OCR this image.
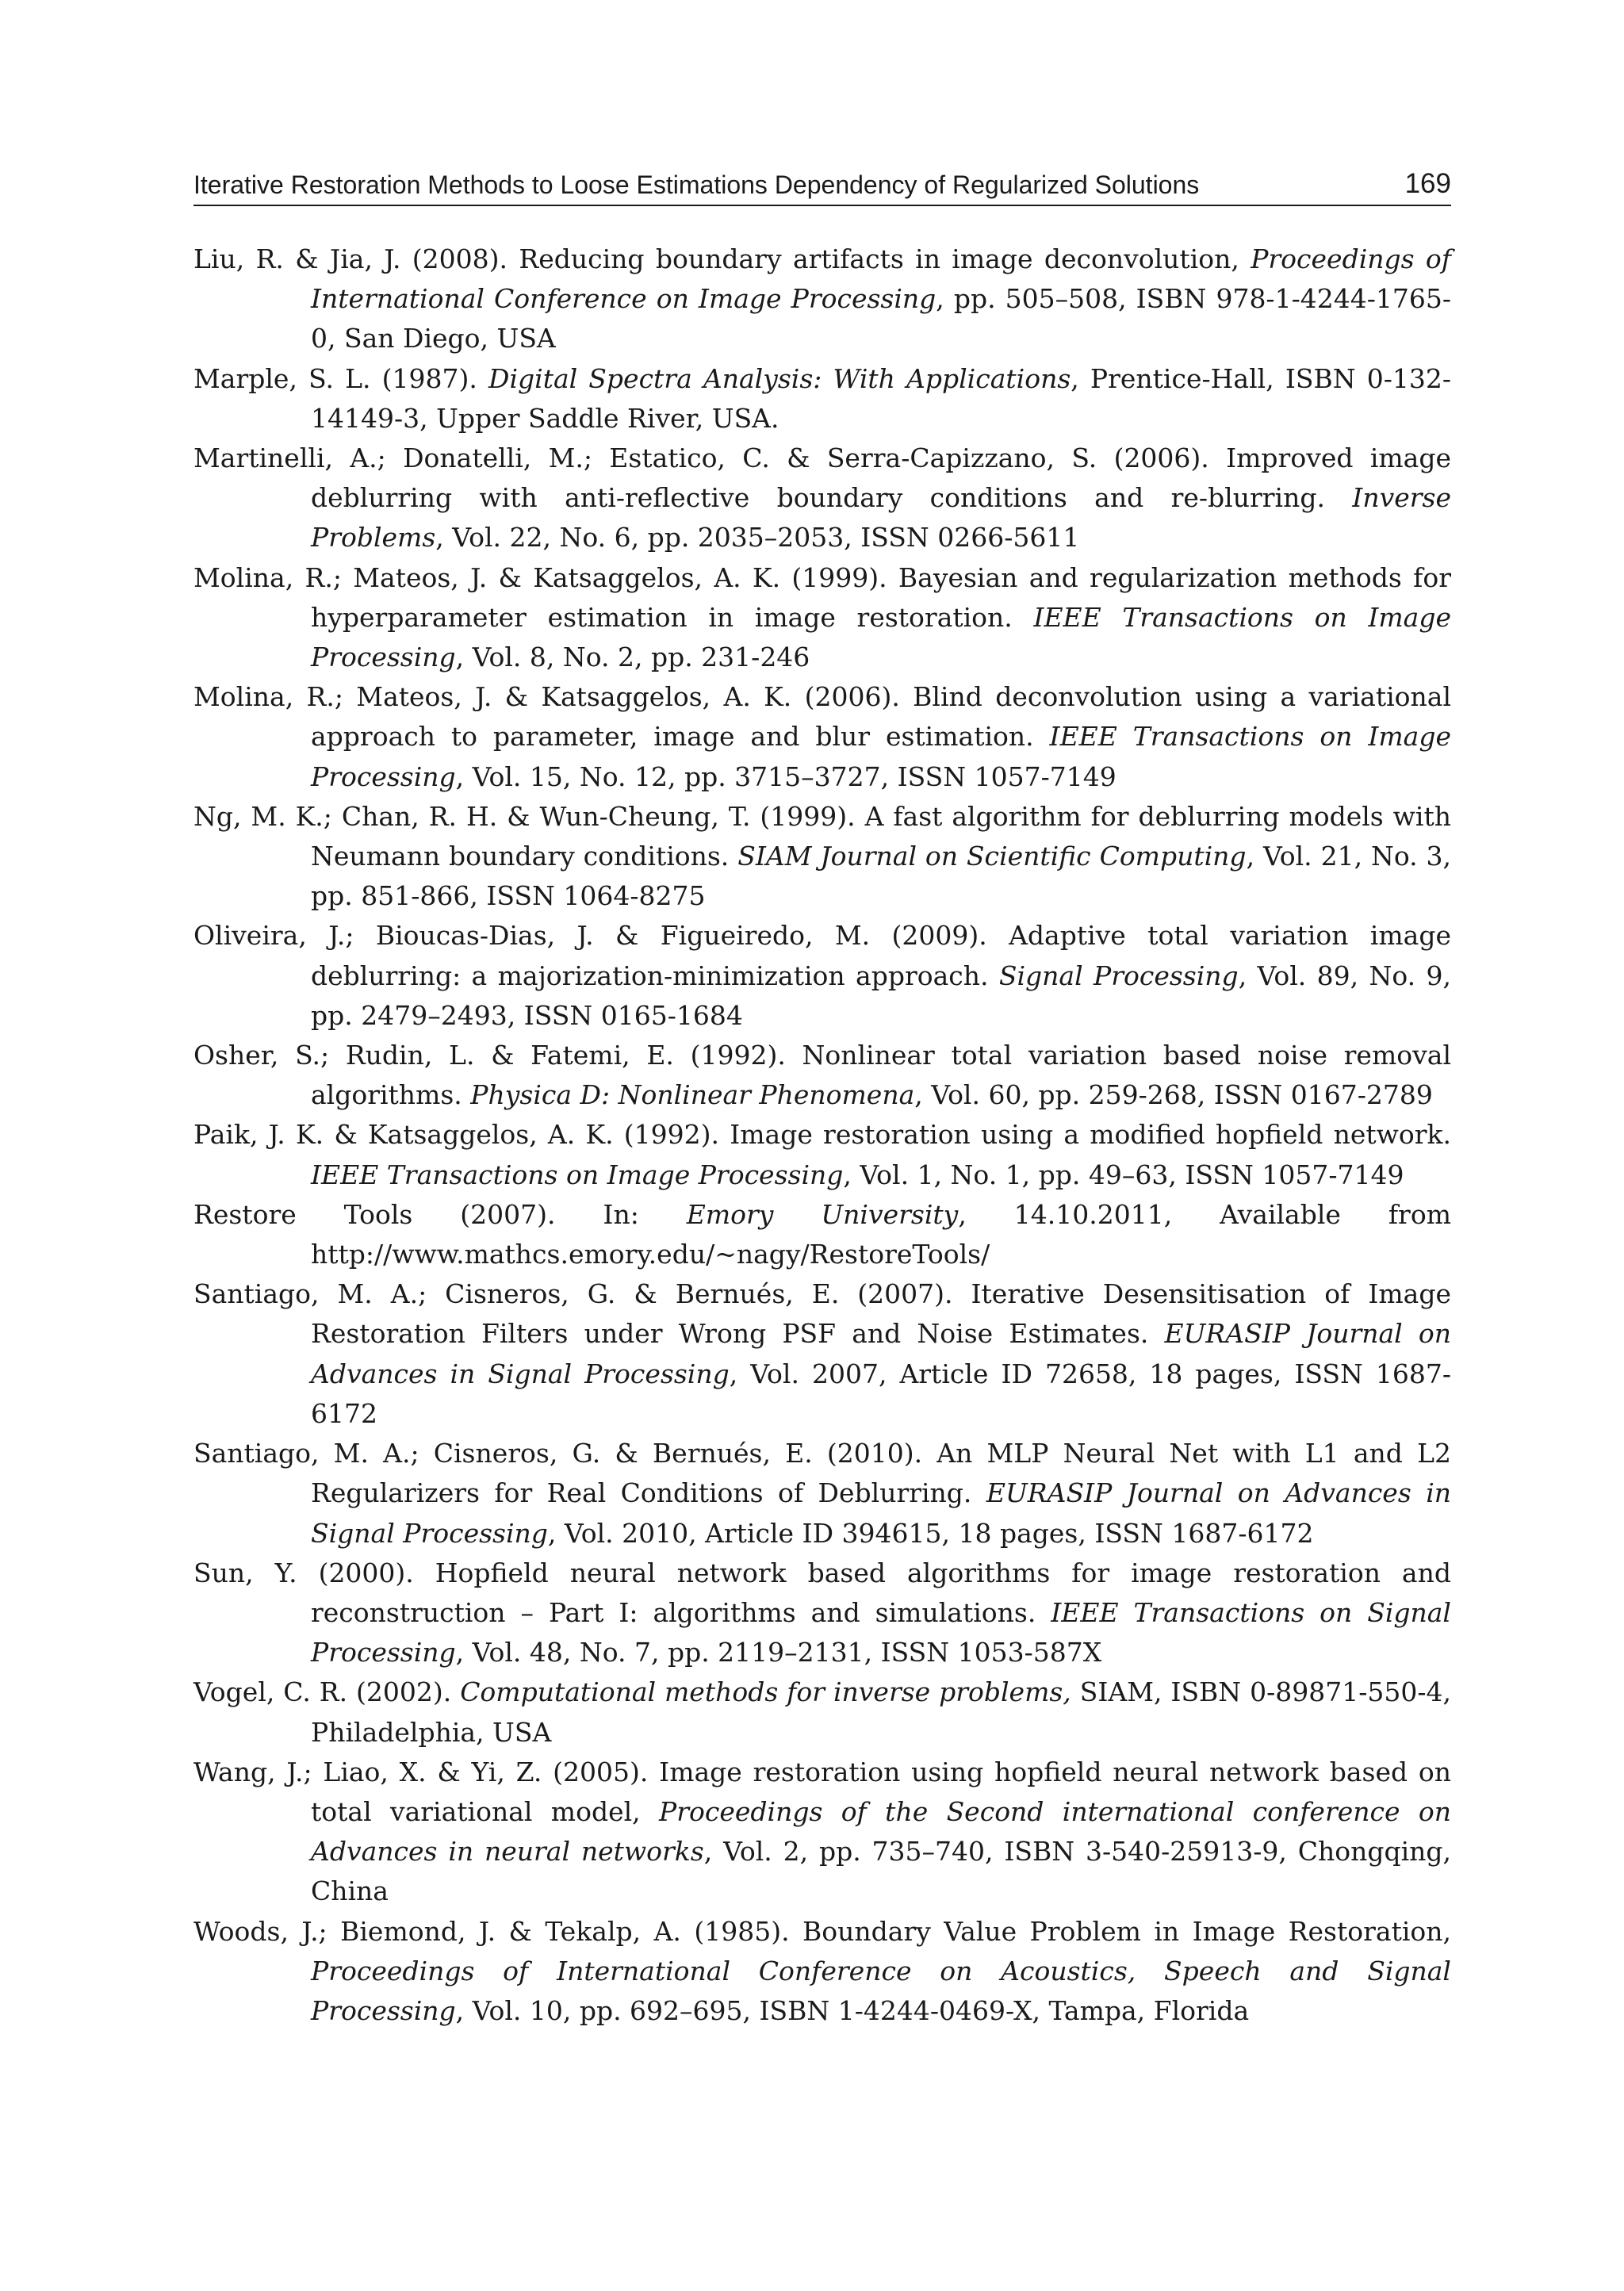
Iterative Restoration Methods to Loose Estimations Dependency of Regularized Solutions	169
Liu, R. & Jia, J. (2008). Reducing boundary artifacts in image deconvolution, Proceedings of International Conference on Image Processing, pp. 505–508, ISBN 978-1-4244-1765-0, San Diego, USA
Marple, S. L. (1987). Digital Spectra Analysis: With Applications, Prentice-Hall, ISBN 0-132-14149-3, Upper Saddle River, USA.
Martinelli, A.; Donatelli, M.; Estatico, C. & Serra-Capizzano, S. (2006). Improved image deblurring with anti-reflective boundary conditions and re-blurring. Inverse Problems, Vol. 22, No. 6, pp. 2035–2053, ISSN 0266-5611
Molina, R.; Mateos, J. & Katsaggelos, A. K. (1999). Bayesian and regularization methods for hyperparameter estimation in image restoration. IEEE Transactions on Image Processing, Vol. 8, No. 2, pp. 231-246
Molina, R.; Mateos, J. & Katsaggelos, A. K. (2006). Blind deconvolution using a variational approach to parameter, image and blur estimation. IEEE Transactions on Image Processing, Vol. 15, No. 12, pp. 3715–3727, ISSN 1057-7149
Ng, M. K.; Chan, R. H. & Wun-Cheung, T. (1999). A fast algorithm for deblurring models with Neumann boundary conditions. SIAM Journal on Scientific Computing, Vol. 21, No. 3, pp. 851-866, ISSN 1064-8275
Oliveira, J.; Bioucas-Dias, J. & Figueiredo, M. (2009). Adaptive total variation image deblurring: a majorization-minimization approach. Signal Processing, Vol. 89, No. 9, pp. 2479–2493, ISSN 0165-1684
Osher, S.; Rudin, L. & Fatemi, E. (1992). Nonlinear total variation based noise removal algorithms. Physica D: Nonlinear Phenomena, Vol. 60, pp. 259-268, ISSN 0167-2789
Paik, J. K. & Katsaggelos, A. K. (1992). Image restoration using a modified hopfield network. IEEE Transactions on Image Processing, Vol. 1, No. 1, pp. 49–63, ISSN 1057-7149
Restore Tools (2007). In: Emory University, 14.10.2011, Available from http://www.mathcs.emory.edu/~nagy/RestoreTools/
Santiago, M. A.; Cisneros, G. & Bernués, E. (2007). Iterative Desensitisation of Image Restoration Filters under Wrong PSF and Noise Estimates. EURASIP Journal on Advances in Signal Processing, Vol. 2007, Article ID 72658, 18 pages, ISSN 1687-6172
Santiago, M. A.; Cisneros, G. & Bernués, E. (2010). An MLP Neural Net with L1 and L2 Regularizers for Real Conditions of Deblurring. EURASIP Journal on Advances in Signal Processing, Vol. 2010, Article ID 394615, 18 pages, ISSN 1687-6172
Sun, Y. (2000). Hopfield neural network based algorithms for image restoration and reconstruction – Part I: algorithms and simulations. IEEE Transactions on Signal Processing, Vol. 48, No. 7, pp. 2119–2131, ISSN 1053-587X
Vogel, C. R. (2002). Computational methods for inverse problems, SIAM, ISBN 0-89871-550-4, Philadelphia, USA
Wang, J.; Liao, X. & Yi, Z. (2005). Image restoration using hopfield neural network based on total variational model, Proceedings of the Second international conference on Advances in neural networks, Vol. 2, pp. 735–740, ISBN 3-540-25913-9, Chongqing, China
Woods, J.; Biemond, J. & Tekalp, A. (1985). Boundary Value Problem in Image Restoration, Proceedings of International Conference on Acoustics, Speech and Signal Processing, Vol. 10, pp. 692–695, ISBN 1-4244-0469-X, Tampa, Florida
